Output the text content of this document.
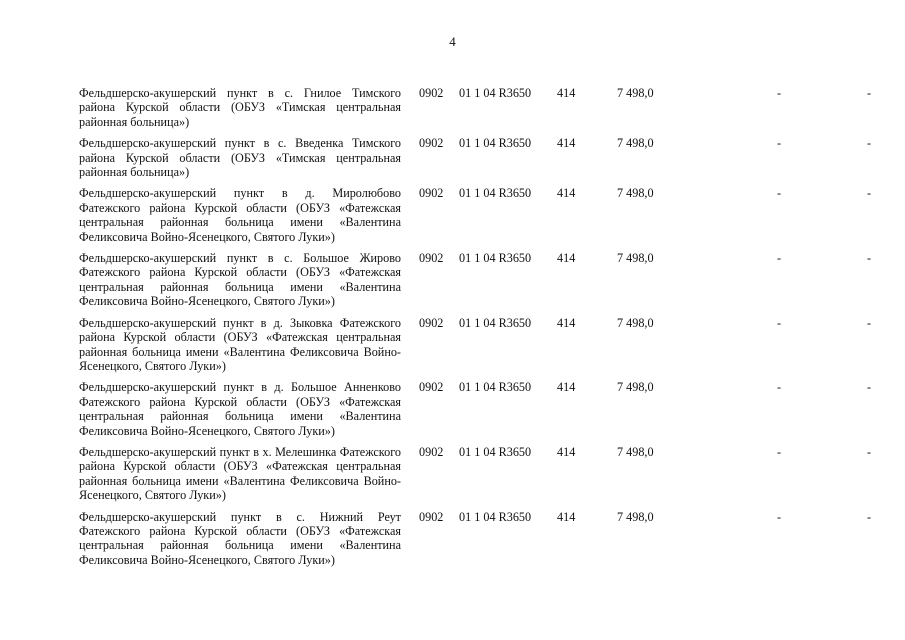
4
Фельдшерско-акушерский пункт в с. Гнилое Тимского района Курской области (ОБУЗ «Тимская центральная районная больница»)	0902	01 1 04 R3650	414	7 498,0	-	-
Фельдшерско-акушерский пункт в с. Введенка Тимского района Курской области (ОБУЗ «Тимская центральная районная больница»)	0902	01 1 04 R3650	414	7 498,0	-	-
Фельдшерско-акушерский пункт в д. Миролюбово Фатежского района Курской области (ОБУЗ «Фатежская центральная районная больница имени «Валентина Феликсовича Войно-Ясенецкого, Святого Луки»)	0902	01 1 04 R3650	414	7 498,0	-	-
Фельдшерско-акушерский пункт в с. Большое Жирово Фатежского района Курской области (ОБУЗ «Фатежская центральная районная больница имени «Валентина Феликсовича Войно-Ясенецкого, Святого Луки»)	0902	01 1 04 R3650	414	7 498,0	-	-
Фельдшерско-акушерский пункт в д. Зыковка Фатежского района Курской области (ОБУЗ «Фатежская центральная районная больница имени «Валентина Феликсовича Войно-Ясенецкого, Святого Луки»)	0902	01 1 04 R3650	414	7 498,0	-	-
Фельдшерско-акушерский пункт в д. Большое Анненково Фатежского района Курской области (ОБУЗ «Фатежская центральная районная больница имени «Валентина Феликсовича Войно-Ясенецкого, Святого Луки»)	0902	01 1 04 R3650	414	7 498,0	-	-
Фельдшерско-акушерский пункт в х. Мелешинка Фатежского района Курской области (ОБУЗ «Фатежская центральная районная больница имени «Валентина Феликсовича Войно-Ясенецкого, Святого Луки»)	0902	01 1 04 R3650	414	7 498,0	-	-
Фельдшерско-акушерский пункт в с. Нижний Реут Фатежского района Курской области (ОБУЗ «Фатежская центральная районная больница имени «Валентина Феликсовича Войно-Ясенецкого, Святого Луки»)	0902	01 1 04 R3650	414	7 498,0	-	-
